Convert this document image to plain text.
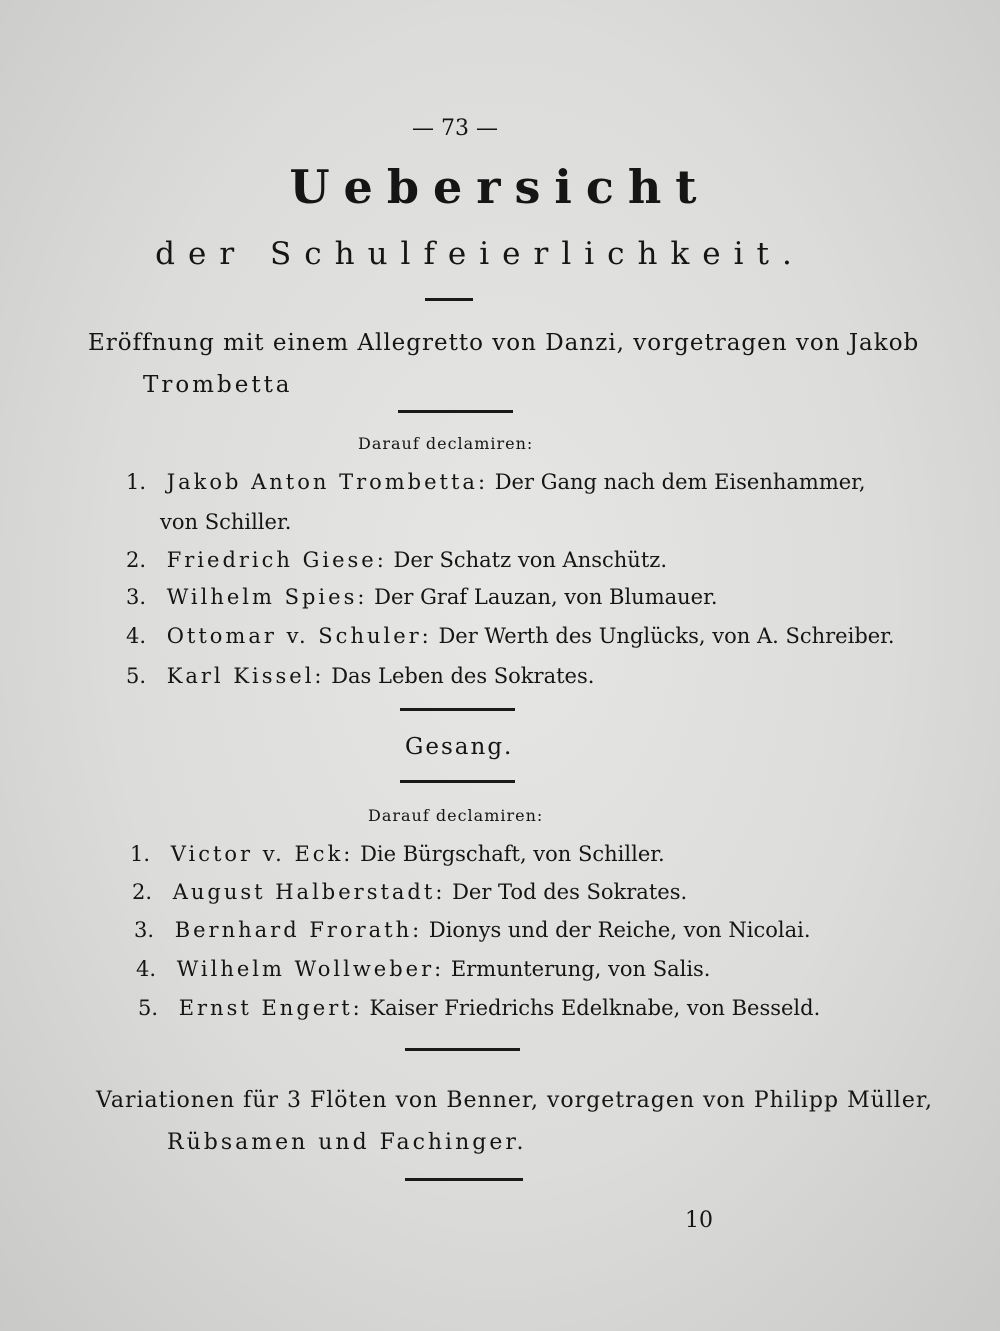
— 73 —
Uebersicht
der Schulfeierlichkeit.
Eröffnung mit einem Allegretto von Danzi, vorgetragen von Jakob
Trombetta
Darauf declamiren:
1. Jakob Anton Trombetta: Der Gang nach dem Eisenhammer,
von Schiller.
2. Friedrich Giese: Der Schatz von Anschütz.
3. Wilhelm Spies: Der Graf Lauzan, von Blumauer.
4. Ottomar v. Schuler: Der Werth des Unglücks, von A. Schreiber.
5. Karl Kissel: Das Leben des Sokrates.
Gesang.
Darauf declamiren:
1. Victor v. Eck: Die Bürgschaft, von Schiller.
2. August Halberstadt: Der Tod des Sokrates.
3. Bernhard Frorath: Dionys und der Reiche, von Nicolai.
4. Wilhelm Wollweber: Ermunterung, von Salis.
5. Ernst Engert: Kaiser Friedrichs Edelknabe, von Besseld.
Variationen für 3 Flöten von Benner, vorgetragen von Philipp Müller,
Rübsamen und Fachinger.
10
